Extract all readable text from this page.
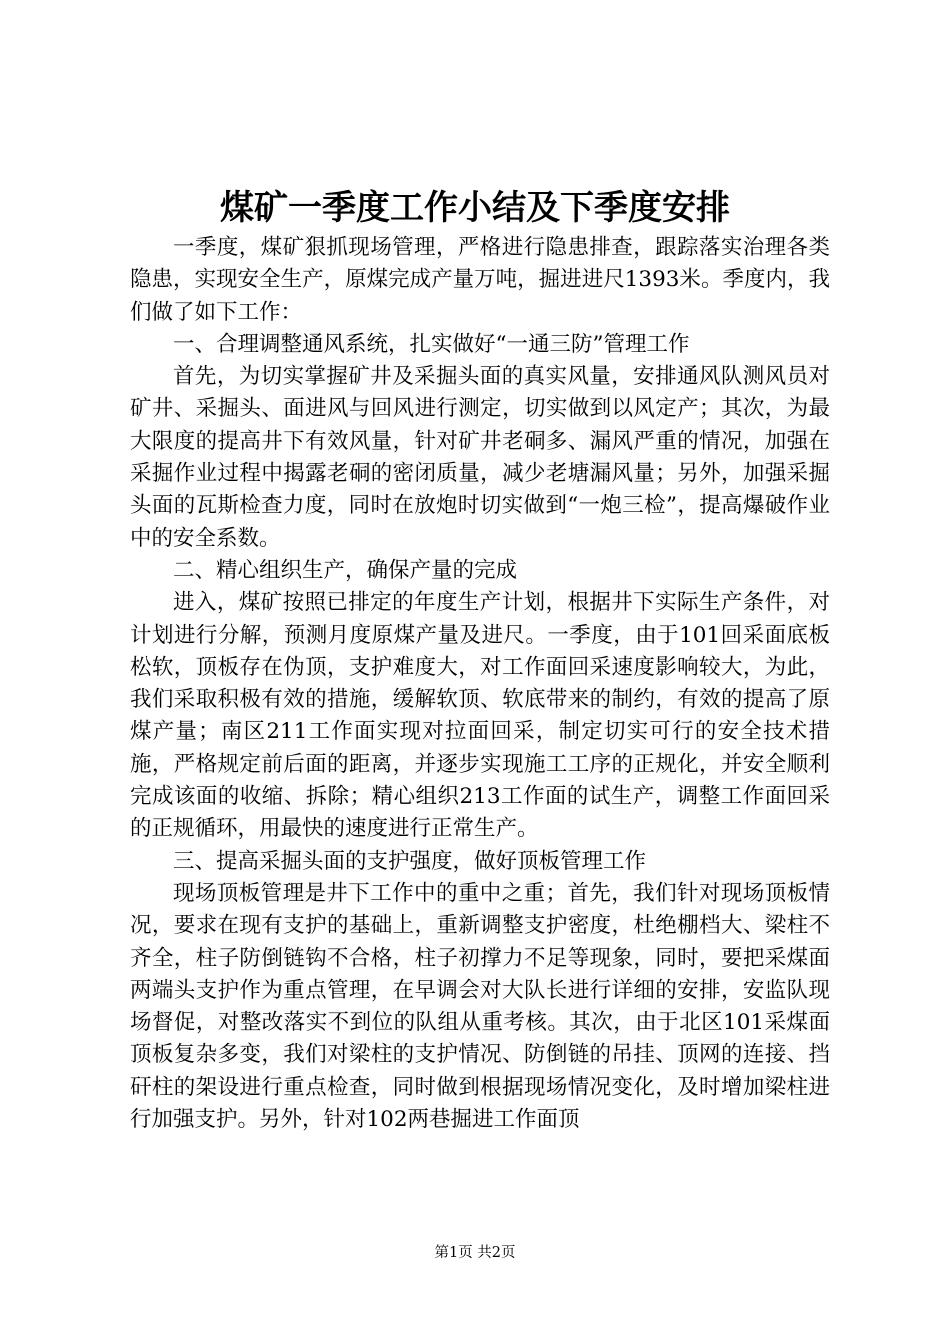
煤矿一季度工作小结及下季度安排

一季度，煤矿狠抓现场管理，严格进行隐患排查，跟踪落实治理各类隐患，实现安全生产，原煤完成产量万吨，掘进进尺1393米。季度内，我们做了如下工作：

一、合理调整通风系统，扎实做好“一通三防”管理工作

首先，为切实掌握矿井及采掘头面的真实风量，安排通风队测风员对矿井、采掘头、面进风与回风进行测定，切实做到以风定产；其次，为最大限度的提高井下有效风量，针对矿井老硐多、漏风严重的情况，加强在采掘作业过程中揭露老硐的密闭质量，减少老塘漏风量；另外，加强采掘头面的瓦斯检查力度，同时在放炮时切实做到“一炮三检”，提高爆破作业中的安全系数。

二、精心组织生产，确保产量的完成

进入，煤矿按照已排定的年度生产计划，根据井下实际生产条件，对计划进行分解，预测月度原煤产量及进尺。一季度，由于101回采面底板松软，顶板存在伪顶，支护难度大，对工作面回采速度影响较大，为此，我们采取积极有效的措施，缓解软顶、软底带来的制约，有效的提高了原煤产量；南区211工作面实现对拉面回采，制定切实可行的安全技术措施，严格规定前后面的距离，并逐步实现施工工序的正规化，并安全顺利完成该面的收缩、拆除；精心组织213工作面的试生产，调整工作面回采的正规循环，用最快的速度进行正常生产。

三、提高采掘头面的支护强度，做好顶板管理工作

现场顶板管理是井下工作中的重中之重；首先，我们针对现场顶板情况，要求在现有支护的基础上，重新调整支护密度，杜绝棚档大、梁柱不齐全，柱子防倒链钩不合格，柱子初撑力不足等现象，同时，要把采煤面两端头支护作为重点管理，在早调会对大队长进行详细的安排，安监队现场督促，对整改落实不到位的队组从重考核。其次，由于北区101采煤面顶板复杂多变，我们对梁柱的支护情况、防倒链的吊挂、顶网的连接、挡矸柱的架设进行重点检查，同时做到根据现场情况变化，及时增加梁柱进行加强支护。另外，针对102两巷掘进工作面顶

第1页 共2页
